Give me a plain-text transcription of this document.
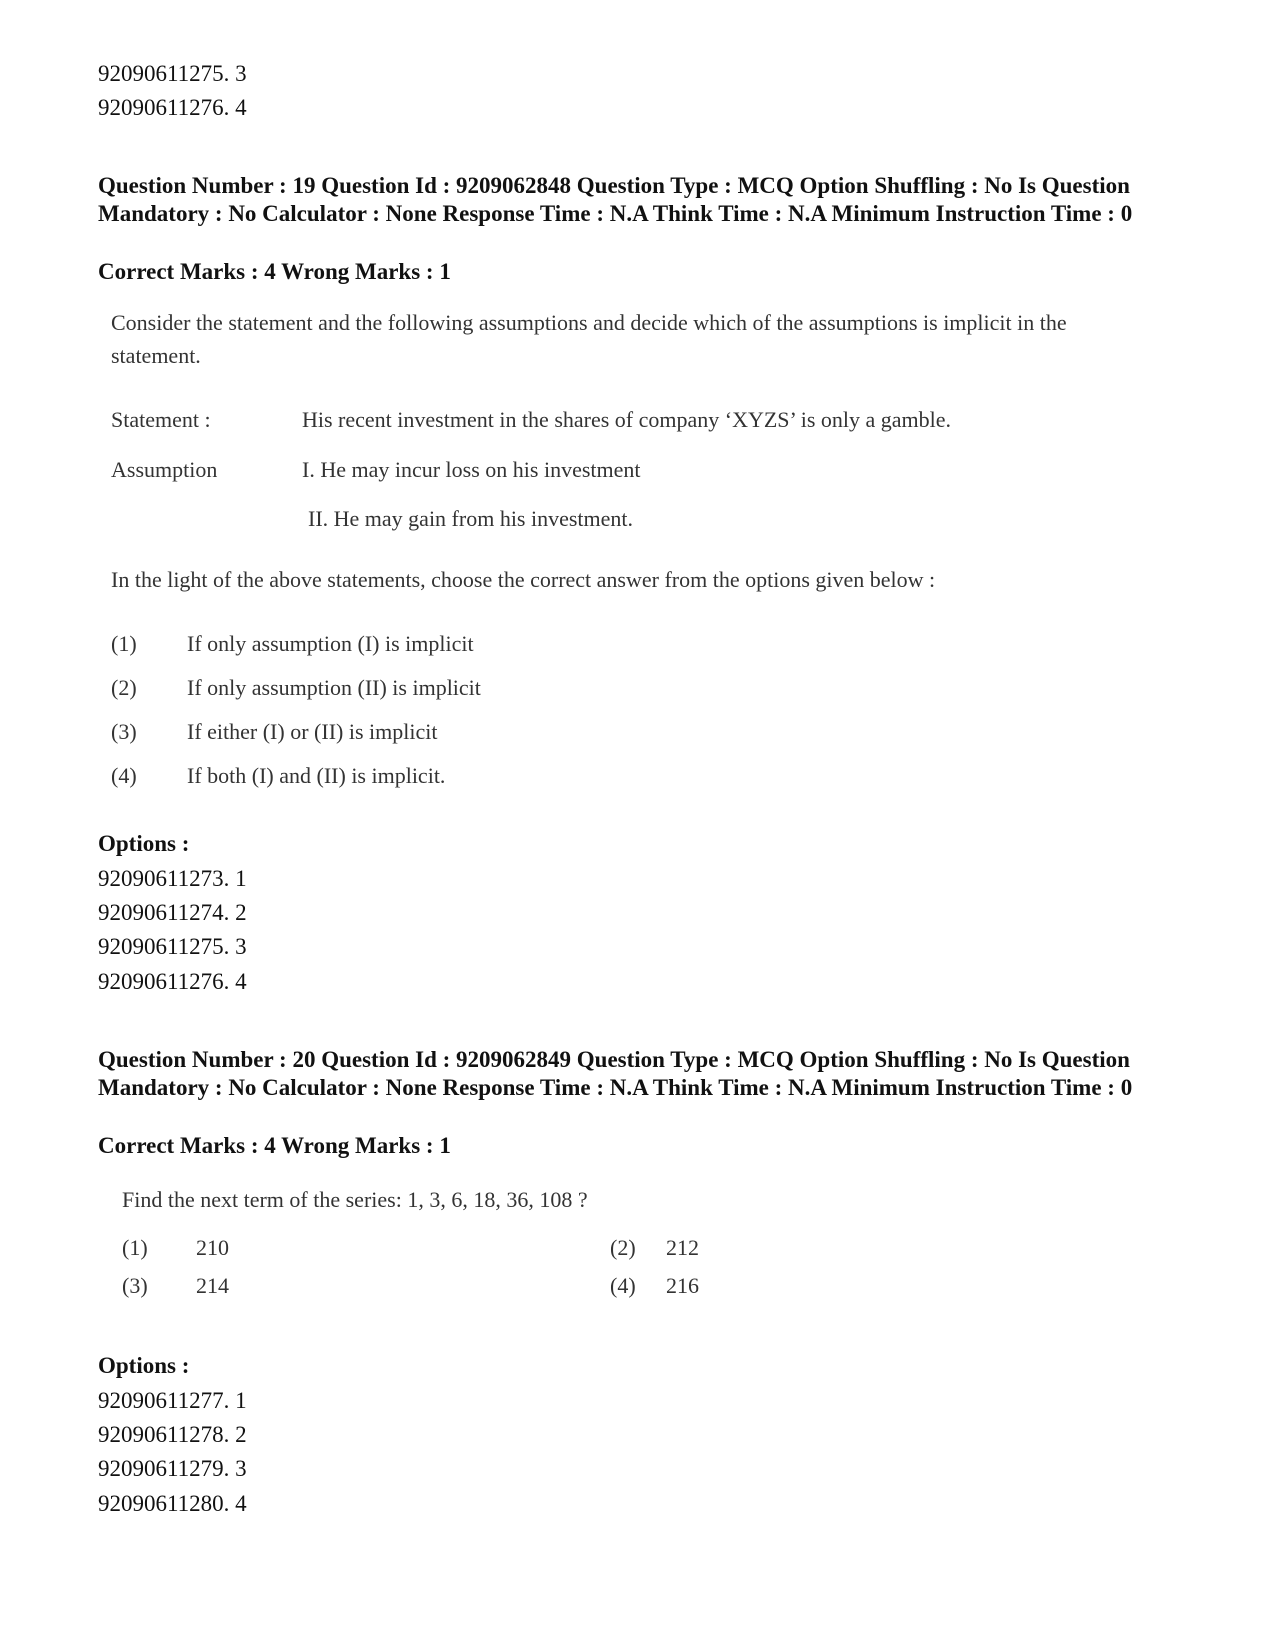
92090611275. 3
92090611276. 4
Question Number : 19 Question Id : 9209062848 Question Type : MCQ Option Shuffling : No Is Question Mandatory : No Calculator : None Response Time : N.A Think Time : N.A Minimum Instruction Time : 0
Correct Marks : 4 Wrong Marks : 1
Consider the statement and the following assumptions and decide which of the assumptions is implicit in the statement.
Statement :	His recent investment in the shares of company ‘XYZS’ is only a gamble.
Assumption	I. He may incur loss on his investment
II. He may gain from his investment.
In the light of the above statements, choose the correct answer from the options given below :
(1) If only assumption (I) is implicit
(2) If only assumption (II) is implicit
(3) If either (I) or (II) is implicit
(4) If both (I) and (II) is implicit.
Options :
92090611273. 1
92090611274. 2
92090611275. 3
92090611276. 4
Question Number : 20 Question Id : 9209062849 Question Type : MCQ Option Shuffling : No Is Question Mandatory : No Calculator : None Response Time : N.A Think Time : N.A Minimum Instruction Time : 0
Correct Marks : 4 Wrong Marks : 1
Find the next term of the series: 1, 3, 6, 18, 36, 108 ?
(1) 210	(2) 212
(3) 214	(4) 216
Options :
92090611277. 1
92090611278. 2
92090611279. 3
92090611280. 4
